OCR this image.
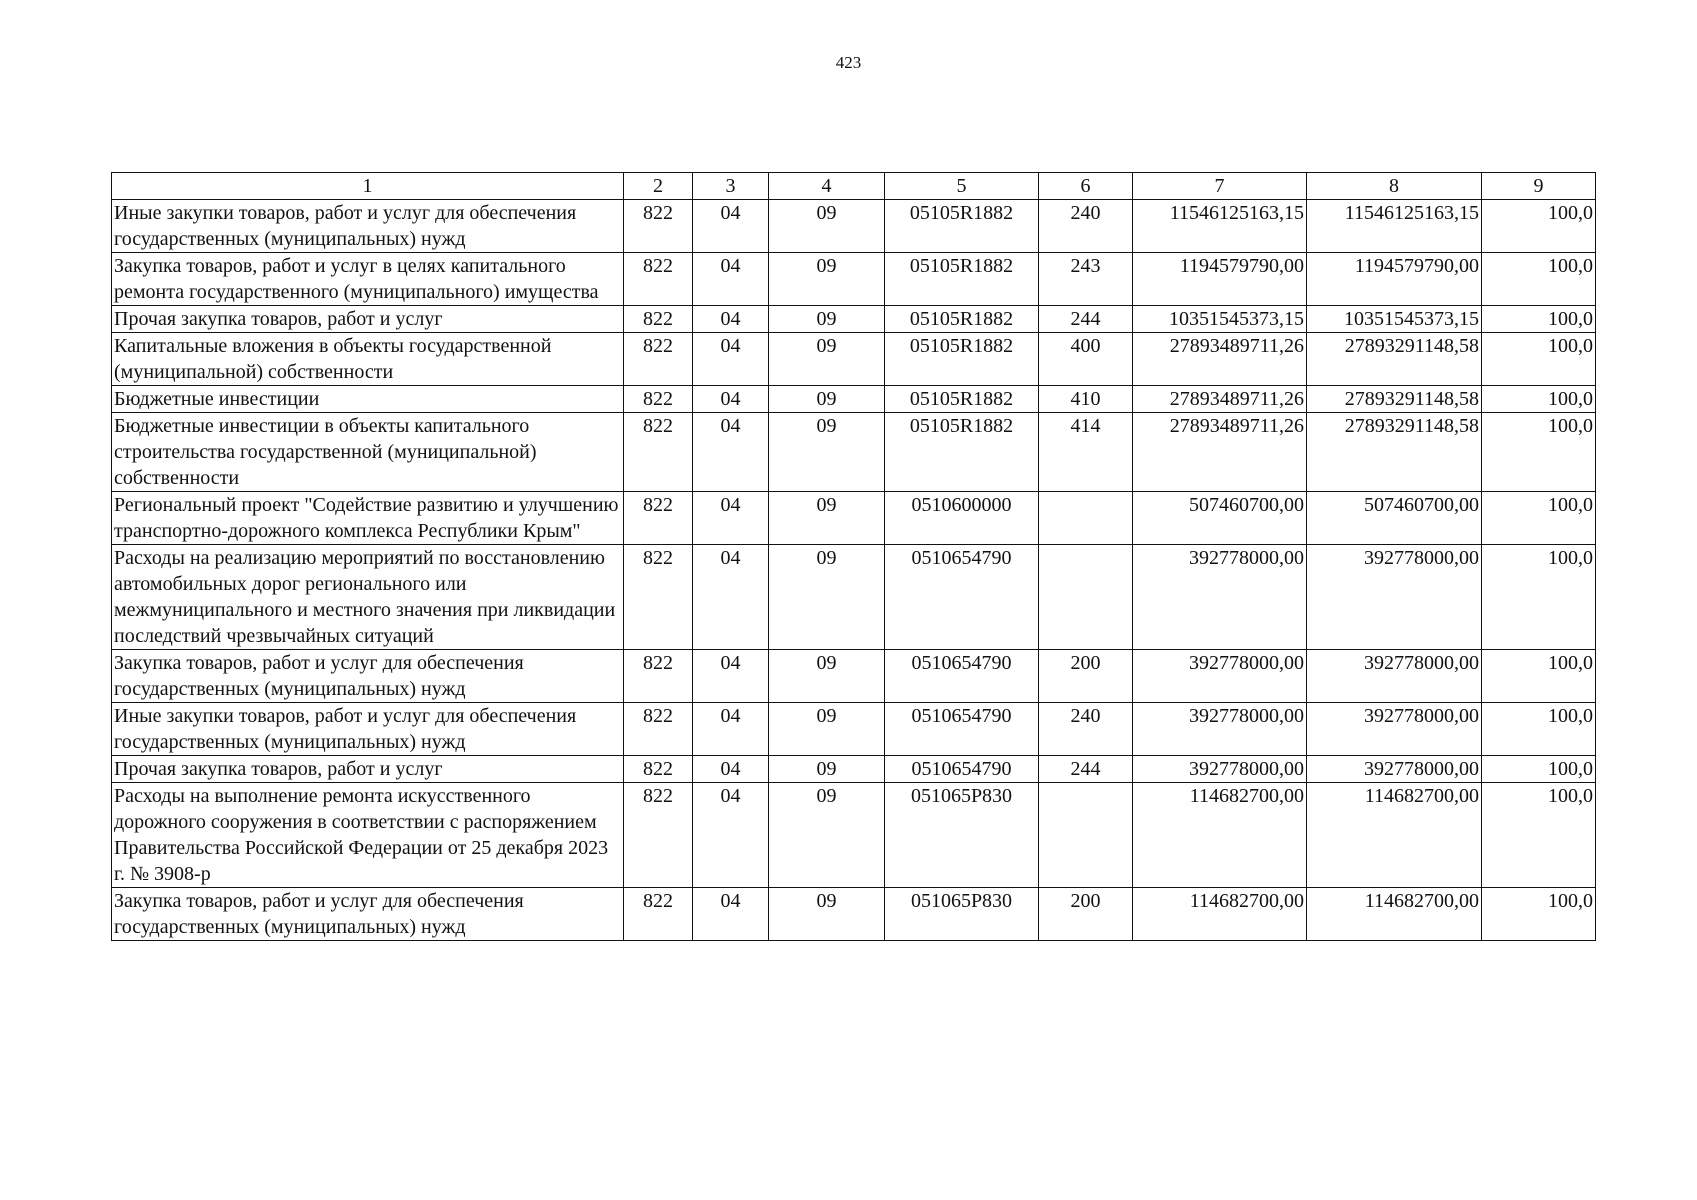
423
1	2	3	4	5	6	7	8	9
Иные закупки товаров, работ и услуг для обеспечения государственных (муниципальных) нужд	822	04	09	05105R1882	240	11546125163,15	11546125163,15	100,0
Закупка товаров, работ и услуг в целях капитального ремонта государственного (муниципального) имущества	822	04	09	05105R1882	243	1194579790,00	1194579790,00	100,0
Прочая закупка товаров, работ и услуг	822	04	09	05105R1882	244	10351545373,15	10351545373,15	100,0
Капитальные вложения в объекты государственной (муниципальной) собственности	822	04	09	05105R1882	400	27893489711,26	27893291148,58	100,0
Бюджетные инвестиции	822	04	09	05105R1882	410	27893489711,26	27893291148,58	100,0
Бюджетные инвестиции в объекты капитального строительства государственной (муниципальной) собственности	822	04	09	05105R1882	414	27893489711,26	27893291148,58	100,0
Региональный проект "Содействие развитию и улучшению транспортно-дорожного комплекса Республики Крым"	822	04	09	0510600000		507460700,00	507460700,00	100,0
Расходы на реализацию мероприятий по восстановлению автомобильных дорог регионального или межмуниципального и местного значения при ликвидации последствий чрезвычайных ситуаций	822	04	09	0510654790		392778000,00	392778000,00	100,0
Закупка товаров, работ и услуг для обеспечения государственных (муниципальных) нужд	822	04	09	0510654790	200	392778000,00	392778000,00	100,0
Иные закупки товаров, работ и услуг для обеспечения государственных (муниципальных) нужд	822	04	09	0510654790	240	392778000,00	392778000,00	100,0
Прочая закупка товаров, работ и услуг	822	04	09	0510654790	244	392778000,00	392778000,00	100,0
Расходы на выполнение ремонта искусственного дорожного сооружения в соответствии с распоряжением Правительства Российской Федерации от 25 декабря 2023 г. № 3908-р	822	04	09	051065P830		114682700,00	114682700,00	100,0
Закупка товаров, работ и услуг для обеспечения государственных (муниципальных) нужд	822	04	09	051065P830	200	114682700,00	114682700,00	100,0
